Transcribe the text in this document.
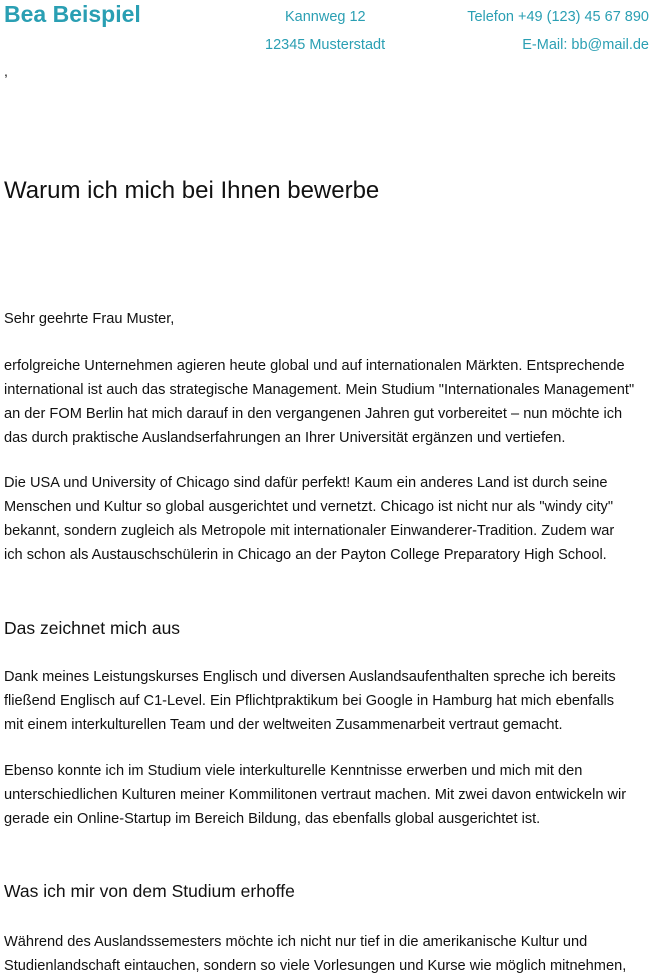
Bea Beispiel	Kannweg 12
12345 Musterstadt
Telefon +49 (123) 45 67 890
E-Mail: bb@mail.de
,
Warum ich mich bei Ihnen bewerbe

Sehr geehrte Frau Muster,

erfolgreiche Unternehmen agieren heute global und auf internationalen Märkten. Entsprechende
international ist auch das strategische Management. Mein Studium "Internationales Management"
an der FOM Berlin hat mich darauf in den vergangenen Jahren gut vorbereitet – nun möchte ich
das durch praktische Auslandserfahrungen an Ihrer Universität ergänzen und vertiefen.

Die USA und University of Chicago sind dafür perfekt! Kaum ein anderes Land ist durch seine
Menschen und Kultur so global ausgerichtet und vernetzt. Chicago ist nicht nur als "windy city"
bekannt, sondern zugleich als Metropole mit internationaler Einwanderer-Tradition. Zudem war
ich schon als Austauschschülerin in Chicago an der Payton College Preparatory High School.

Das zeichnet mich aus

Dank meines Leistungskurses Englisch und diversen Auslandsaufenthalten spreche ich bereits
fließend Englisch auf C1-Level. Ein Pflichtpraktikum bei Google in Hamburg hat mich ebenfalls
mit einem interkulturellen Team und der weltweiten Zusammenarbeit vertraut gemacht.

Ebenso konnte ich im Studium viele interkulturelle Kenntnisse erwerben und mich mit den
unterschiedlichen Kulturen meiner Kommilitonen vertraut machen. Mit zwei davon entwickeln wir
gerade ein Online-Startup im Bereich Bildung, das ebenfalls global ausgerichtet ist.

Was ich mir von dem Studium erhoffe

Während des Auslandssemesters möchte ich nicht nur tief in die amerikanische Kultur und
Studienlandschaft eintauchen, sondern so viele Vorlesungen und Kurse wie möglich mitnehmen,
